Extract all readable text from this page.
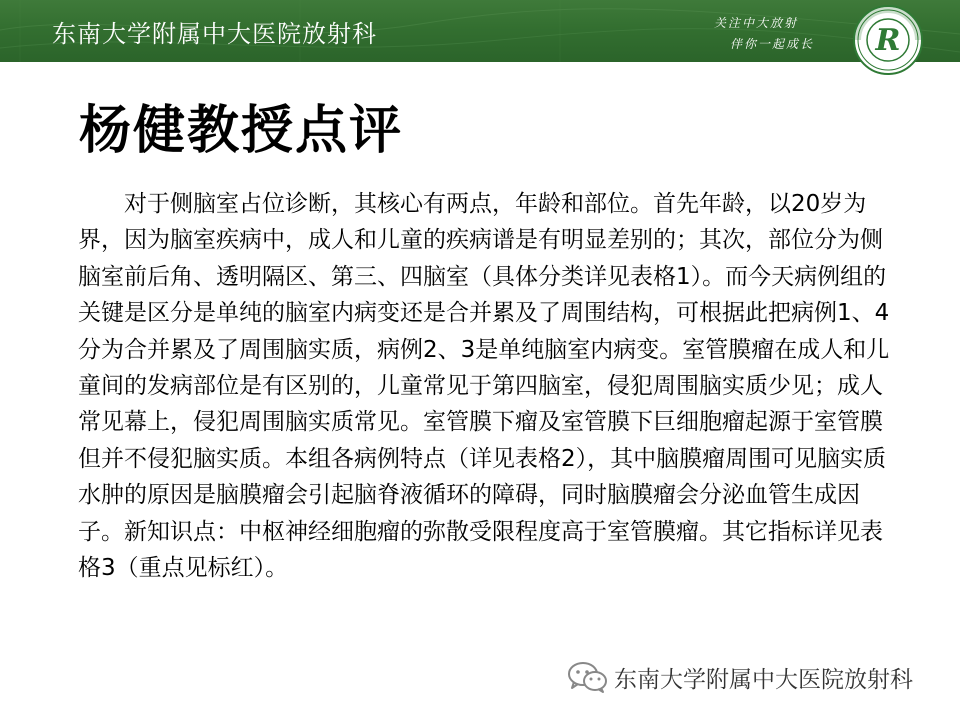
东南大学附属中大医院放射科	关注中大放射
伴你一起成长	R
杨健教授点评

对于侧脑室占位诊断，其核心有两点，年龄和部位。首先年龄，以20岁为界，因为脑室疾病中，成人和儿童的疾病谱是有明显差别的；其次，部位分为侧脑室前后角、透明隔区、第三、四脑室（具体分类详见表格1）。而今天病例组的关键是区分是单纯的脑室内病变还是合并累及了周围结构，可根据此把病例1、4分为合并累及了周围脑实质，病例2、3是单纯脑室内病变。室管膜瘤在成人和儿童间的发病部位是有区别的，儿童常见于第四脑室，侵犯周围脑实质少见；成人常见幕上，侵犯周围脑实质常见。室管膜下瘤及室管膜下巨细胞瘤起源于室管膜但并不侵犯脑实质。本组各病例特点（详见表格2），其中脑膜瘤周围可见脑实质水肿的原因是脑膜瘤会引起脑脊液循环的障碍，同时脑膜瘤会分泌血管生成因子。新知识点：中枢神经细胞瘤的弥散受限程度高于室管膜瘤。其它指标详见表格3（重点见标红）。

东南大学附属中大医院放射科
